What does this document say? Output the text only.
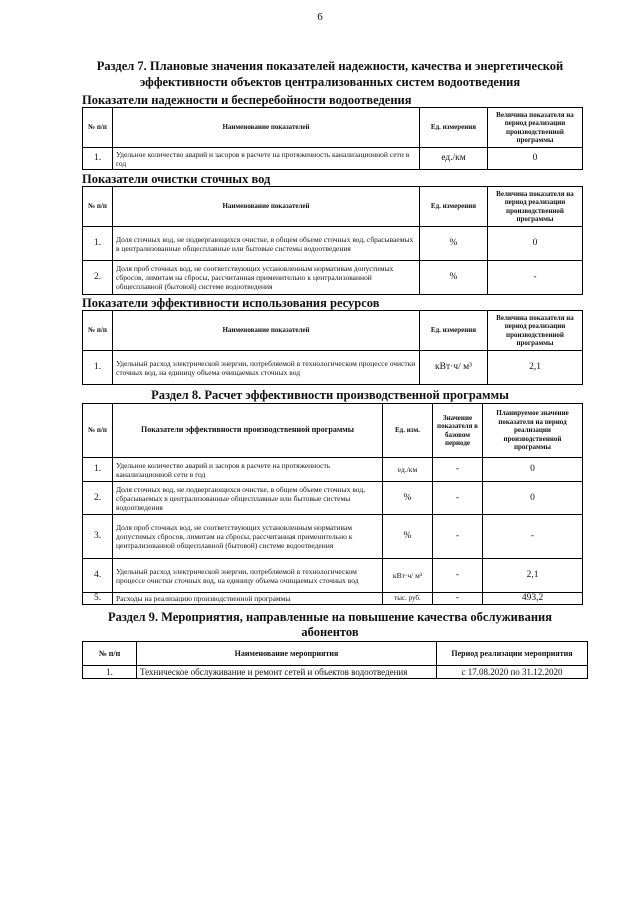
6
Раздел 7. Плановые значения показателей надежности, качества и энергетической
эффективности объектов централизованных систем водоотведения
Показатели надежности и бесперебойности водоотведения
№ п/п	Наименование показателей	Ед. измерения	Величина показателя на период реализации производственной программы
1.	Удельное количество аварий и засоров в расчете на протяженность канализационной сети в год	ед./км	0
Показатели очистки сточных вод
№ п/п	Наименование показателей	Ед. измерения	Величина показателя на период реализации производственной программы
1.	Доля сточных вод, не подвергающихся очистке, в общем объеме сточных вод, сбрасываемых в централизованные общесплавные или бытовые системы водоотведения	%	0
2.	Доля проб сточных вод, не соответствующих установленным нормативам допустимых сбросов, лимитам на сбросы, рассчитанная применительно к централизованной общесплавной (бытовой) системе водоотведения	%	-
Показатели эффективности использования ресурсов
№ п/п	Наименование показателей	Ед. измерения	Величина показателя на период реализации производственной программы
1.	Удельный расход электрической энергии, потребляемой в технологическом процессе очистки сточных вод, на единицу объема очищаемых сточных вод	кВт·ч/ м³	2,1
Раздел 8. Расчет эффективности производственной программы
№ п/п	Показатели эффективности производственной программы	Ед. изм.	Значение показателя в базовом периоде	Планируемое значение показателя на период реализации производственной программы
1.	Удельное количество аварий и засоров в расчете на протяженность канализационной сети в год	ед./км	-	0
2.	Доля сточных вод, не подвергающихся очистке, в общем объеме сточных вод, сбрасываемых в централизованные общесплавные или бытовые системы водоотведения	%	-	0
3.	Доля проб сточных вод, не соответствующих установленным нормативам допустимых сбросов, лимитам на сбросы, рассчитанная применительно к централизованной общесплавной (бытовой) системе водоотведения	%	-	-
4.	Удельный расход электрической энергии, потребляемой в технологическом процессе очистки сточных вод, на единицу объема очищаемых сточных вод	кВт·ч/ м³	-	2,1
5.	Расходы на реализацию производственной программы	тыс. руб.	-	493,2
Раздел 9. Мероприятия, направленные на повышение качества обслуживания
абонентов
№ п/п	Наименование мероприятия	Период реализации мероприятия
1.	Техническое обслуживание и ремонт сетей и объектов водоотведения	с 17.08.2020 по 31.12.2020
